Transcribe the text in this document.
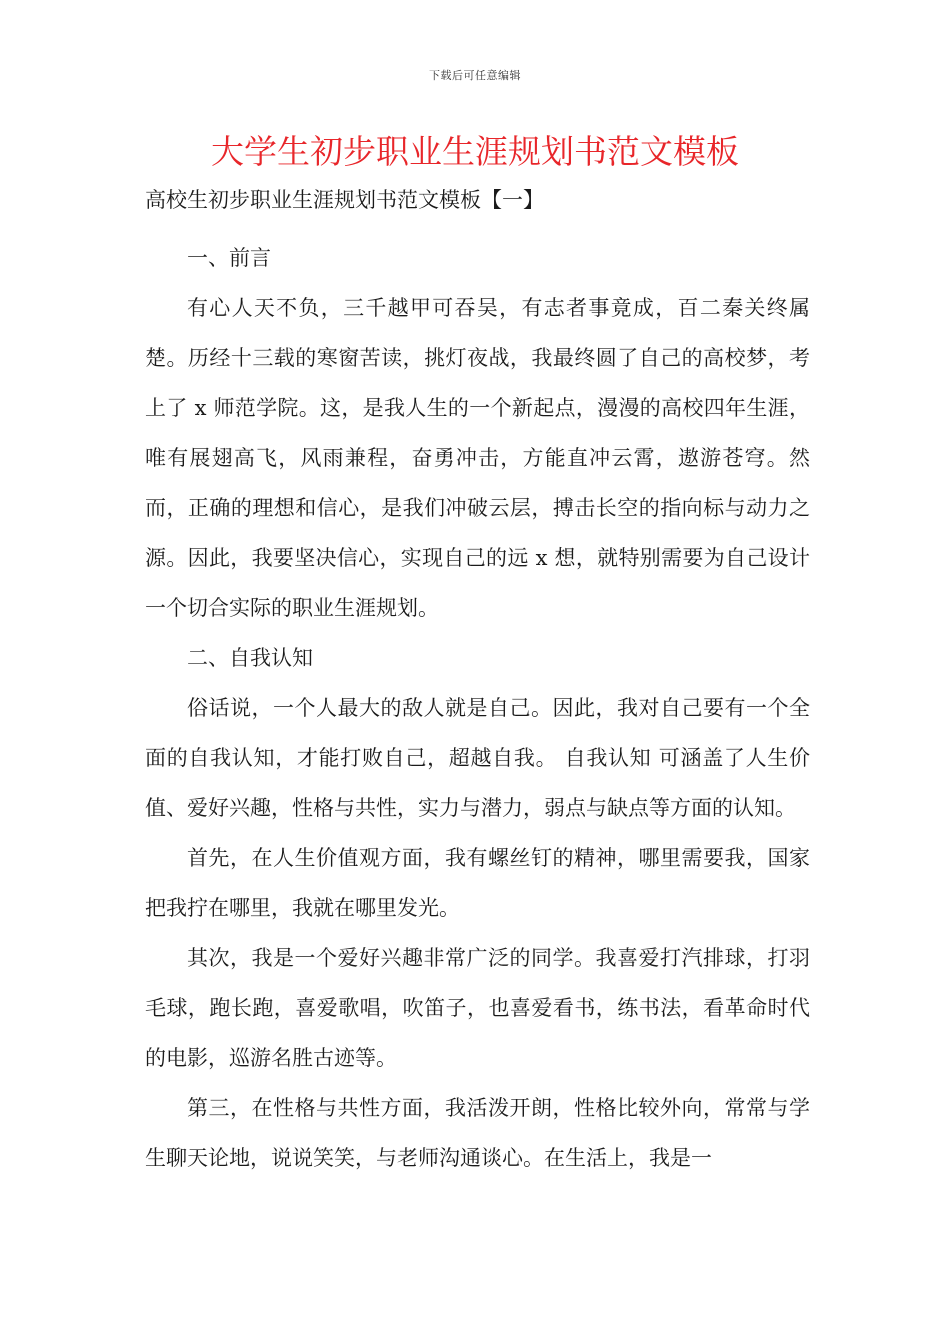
下载后可任意编辑
大学生初步职业生涯规划书范文模板
高校生初步职业生涯规划书范文模板【一】

一、前言

有心人天不负，三千越甲可吞吴，有志者事竟成，百二秦关终属楚。历经十三载的寒窗苦读，挑灯夜战，我最终圆了自己的高校梦，考上了 x 师范学院。这，是我人生的一个新起点，漫漫的高校四年生涯，唯有展翅高飞，风雨兼程，奋勇冲击，方能直冲云霄，遨游苍穹。然而，正确的理想和信心，是我们冲破云层，搏击长空的指向标与动力之源。因此，我要坚决信心，实现自己的远 x 想，就特别需要为自己设计一个切合实际的职业生涯规划。

二、自我认知

俗话说，一个人最大的敌人就是自己。因此，我对自己要有一个全面的自我认知，才能打败自己，超越自我。 自我认知 可涵盖了人生价值、爱好兴趣，性格与共性，实力与潜力，弱点与缺点等方面的认知。

首先，在人生价值观方面，我有螺丝钉的精神，哪里需要我，国家把我拧在哪里，我就在哪里发光。

其次，我是一个爱好兴趣非常广泛的同学。我喜爱打汽排球，打羽毛球，跑长跑，喜爱歌唱，吹笛子，也喜爱看书，练书法，看革命时代的电影，巡游名胜古迹等。

第三，在性格与共性方面，我活泼开朗，性格比较外向，常常与学生聊天论地，说说笑笑，与老师沟通谈心。在生活上，我是一
